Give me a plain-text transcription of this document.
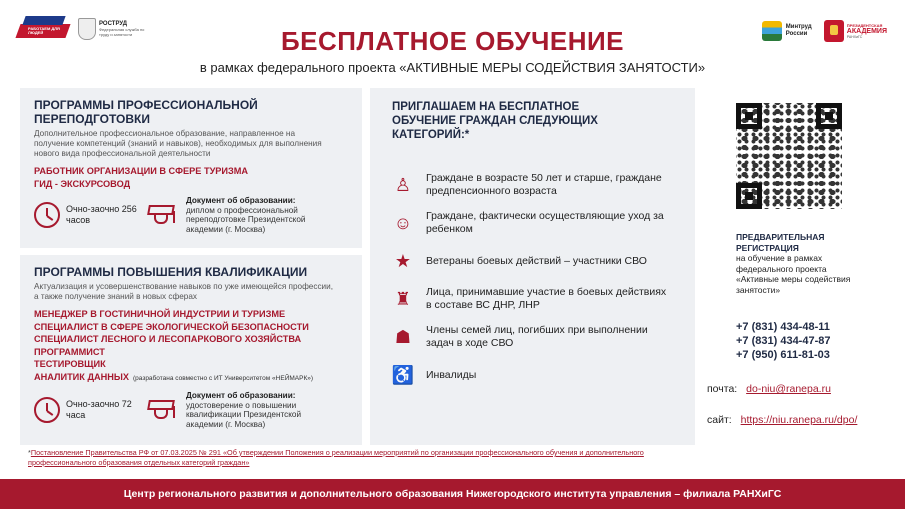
РАБОТАЕМ ДЛЯ ЛЮДЕЙ
РОСТРУД
Федеральная служба по труду и занятости
Минтруд России
ПРЕЗИДЕНТСКАЯ
АКАДЕМИЯ
РАНХиГС
БЕСПЛАТНОЕ ОБУЧЕНИЕ
в рамках федерального проекта «АКТИВНЫЕ МЕРЫ СОДЕЙСТВИЯ ЗАНЯТОСТИ»
ПРОГРАММЫ ПРОФЕССИОНАЛЬНОЙ ПЕРЕПОДГОТОВКИ
Дополнительное профессиональное образование, направленное на получение компетенций (знаний и навыков), необходимых для выполнения нового вида профессиональной деятельности
РАБОТНИК ОРГАНИЗАЦИИ В СФЕРЕ ТУРИЗМА
ГИД - ЭКСКУРСОВОД
Очно-заочно 256 часов
Документ об образовании:
диплом о профессиональной переподготовке Президентской академии (г. Москва)
ПРОГРАММЫ ПОВЫШЕНИЯ КВАЛИФИКАЦИИ
Актуализация и усовершенствование навыков по уже имеющейся профессии, а также получение знаний в новых сферах
МЕНЕДЖЕР В ГОСТИНИЧНОЙ ИНДУСТРИИ И ТУРИЗМЕ
СПЕЦИАЛИСТ В СФЕРЕ ЭКОЛОГИЧЕСКОЙ БЕЗОПАСНОСТИ
СПЕЦИАЛИСТ ЛЕСНОГО И ЛЕСОПАРКОВОГО ХОЗЯЙСТВА
ПРОГРАММИСТ
ТЕСТИРОВЩИК
АНАЛИТИК ДАННЫХ (разработана совместно с ИТ Университетом «НЕЙМАРК»)
Очно-заочно 72 часа
Документ об образовании:
удостоверение о повышении квалификации Президентской академии (г. Москва)
ПРИГЛАШАЕМ НА БЕСПЛАТНОЕ ОБУЧЕНИЕ ГРАЖДАН СЛЕДУЮЩИХ КАТЕГОРИЙ:*
♙ Граждане в возрасте 50 лет и старше, граждане предпенсионного возраста
☺ Граждане, фактически осуществляющие уход за ребенком
★ Ветераны боевых действий – участники СВО
♜ Лица, принимавшие участие в боевых действиях в составе ВС ДНР, ЛНР
☗ Члены семей лиц, погибших при выполнении задач в ходе СВО
♿ Инвалиды
ПРЕДВАРИТЕЛЬНАЯ РЕГИСТРАЦИЯ
на обучение в рамках федерального проекта «Активные меры содействия занятости»
+7 (831) 434-48-11
+7 (831) 434-47-87
+7 (950) 611-81-03
почта: do-niu@ranepa.ru
сайт: https://niu.ranepa.ru/dpo/
*Постановление Правительства РФ от 07.03.2025 № 291 «Об утверждении Положения о реализации мероприятий по организации профессионального обучения и дополнительного профессионального образования отдельных категорий граждан»
Центр регионального развития и дополнительного образования Нижегородского института управления – филиала РАНХиГС
